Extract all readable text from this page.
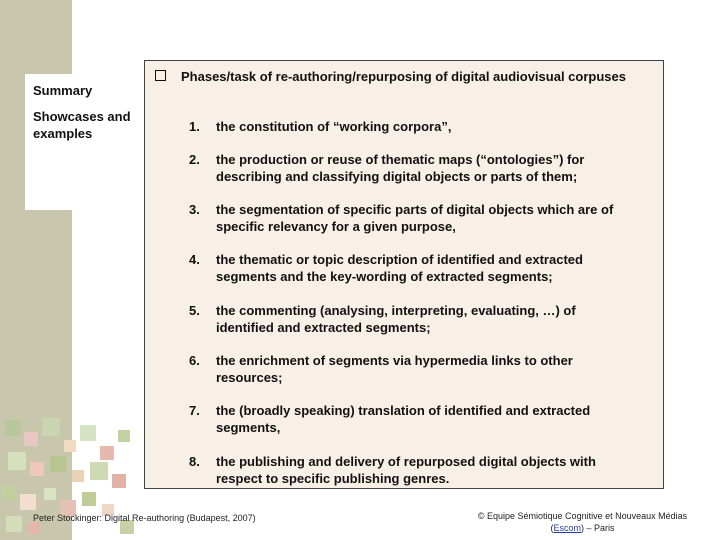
Summary
Showcases and examples
Phases/task of re-authoring/repurposing of digital audiovisual corpuses
1. the constitution of “working corpora”,
2. the production or reuse of thematic maps (“ontologies”) for describing and classifying digital objects or parts of them;
3. the segmentation of specific parts of digital objects which are of specific relevancy for a given purpose,
4. the thematic or topic description of identified and extracted segments and the key-wording of extracted segments;
5. the commenting (analysing, interpreting, evaluating, …) of identified and extracted segments;
6. the enrichment of segments via hypermedia links to other resources;
7. the (broadly speaking) translation of identified and extracted segments,
8. the publishing and delivery of repurposed digital objects with respect to specific publishing genres.
Peter Stockinger: Digital Re-authoring (Budapest, 2007)	© Equipe Sémiotique Cognitive et Nouveaux Médias
(Escom) – Paris
